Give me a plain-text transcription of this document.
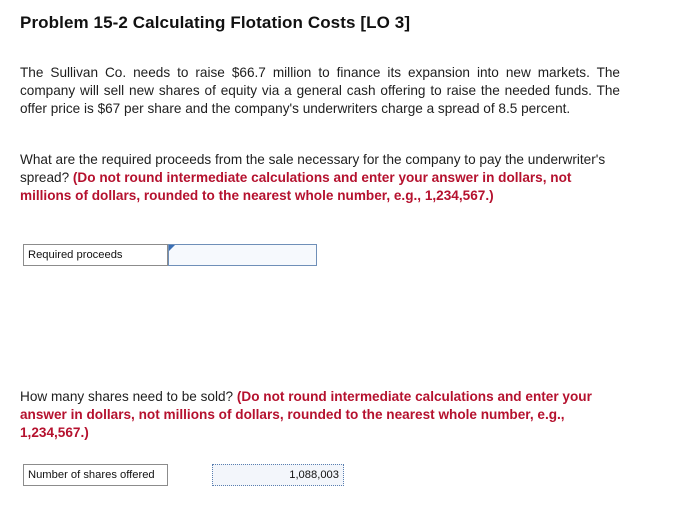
Problem 15-2 Calculating Flotation Costs [LO 3]
The Sullivan Co. needs to raise $66.7 million to finance its expansion into new markets. The company will sell new shares of equity via a general cash offering to raise the needed funds. The offer price is $67 per share and the company's underwriters charge a spread of 8.5 percent.
What are the required proceeds from the sale necessary for the company to pay the underwriter's spread? (Do not round intermediate calculations and enter your answer in dollars, not millions of dollars, rounded to the nearest whole number, e.g., 1,234,567.)
Required proceeds
How many shares need to be sold? (Do not round intermediate calculations and enter your answer in dollars, not millions of dollars, rounded to the nearest whole number, e.g., 1,234,567.)
Number of shares offered	1,088,003
